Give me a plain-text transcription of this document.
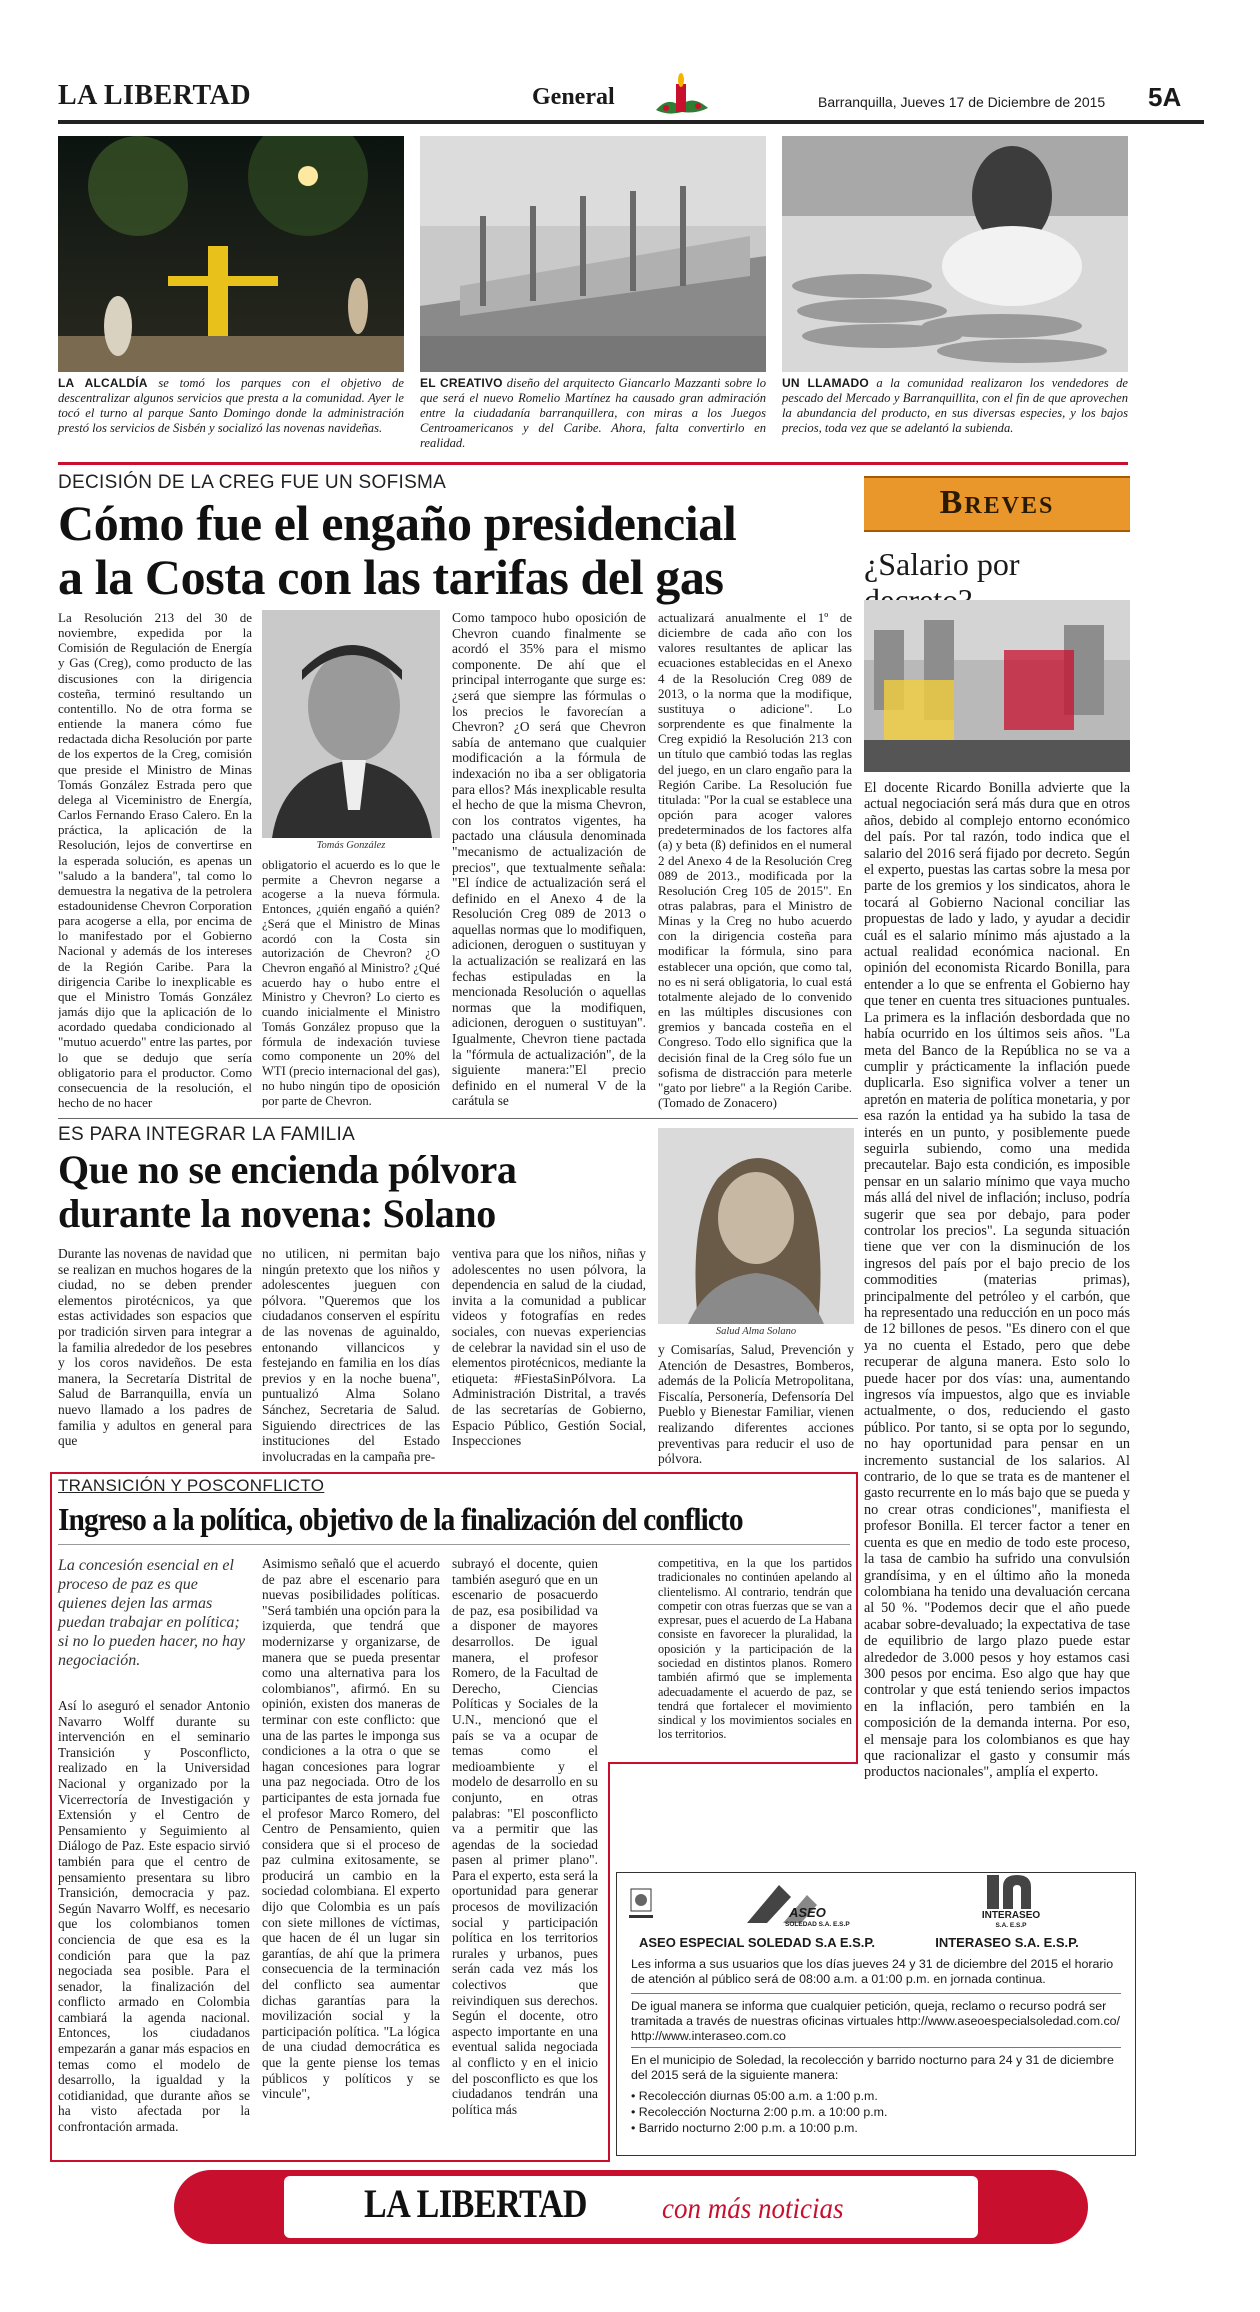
LA LIBERTAD	General	Barranquilla, Jueves 17 de Diciembre de 2015 5A
LA ALCALDÍA se tomó los parques con el objetivo de descentralizar algunos servicios que presta a la comunidad. Ayer le tocó el turno al parque Santo Domingo donde la administración prestó los servicios de Sisbén y socializó las novenas navideñas.
EL CREATIVO diseño del arquitecto Giancarlo Mazzanti sobre lo que será el nuevo Romelio Martínez ha causado gran admiración entre la ciudadanía barranquillera, con miras a los Juegos Centroamericanos y del Caribe. Ahora, falta convertirlo en realidad.
UN LLAMADO a la comunidad realizaron los vendedores de pescado del Mercado y Barranquillita, con el fin de que aprovechen la abundancia del producto, en sus diversas especies, y los bajos precios, toda vez que se adelantó la subienda.
DECISIÓN DE LA CREG FUE UN SOFISMA
Cómo fue el engaño presidencial
a la Costa con las tarifas del gas
Tomás González
La Resolución 213 del 30 de noviembre, expedida por la Comisión de Regulación de Energía y Gas (Creg), como producto de las discusiones con la dirigencia costeña, terminó resultando un contentillo. No de otra forma se entiende la manera cómo fue redactada dicha Resolución por parte de los expertos de la Creg, comisión que preside el Ministro de Minas Tomás González Estrada pero que delega al Viceministro de Energía, Carlos Fernando Eraso Calero. En la práctica, la aplicación de la Resolución, lejos de convertirse en la esperada solución, es apenas un "saludo a la bandera", tal como lo demuestra la negativa de la petrolera estadounidense Chevron Corporation para acogerse a ella, por encima de lo manifestado por el Gobierno Nacional y además de los intereses de la Región Caribe. Para la dirigencia Caribe lo inexplicable es que el Ministro Tomás González jamás dijo que la aplicación de lo acordado quedaba condicionado al "mutuo acuerdo" entre las partes, por lo que se dedujo que sería obligatorio para el productor. Como consecuencia de la resolución, el hecho de no hacer
obligatorio el acuerdo es lo que le permite a Chevron negarse a acogerse a la nueva fórmula. Entonces, ¿quién engañó a quién? ¿Será que el Ministro de Minas acordó con la Costa sin autorización de Chevron? ¿O Chevron engañó al Ministro? ¿Qué acuerdo hay o hubo entre el Ministro y Chevron? Lo cierto es cuando inicialmente el Ministro Tomás González propuso que la fórmula de indexación tuviese como componente un 20% del WTI (precio internacional del gas), no hubo ningún tipo de oposición por parte de Chevron.
Como tampoco hubo oposición de Chevron cuando finalmente se acordó el 35% para el mismo componente. De ahí que el principal interrogante que surge es: ¿será que siempre las fórmulas o los precios le favorecían a Chevron? ¿O será que Chevron sabía de antemano que cualquier modificación a la fórmula de indexación no iba a ser obligatoria para ellos? Más inexplicable resulta el hecho de que la misma Chevron, con los contratos vigentes, ha pactado una cláusula denominada "mecanismo de actualización de precios", que textualmente señala: "El índice de actualización será el definido en el Anexo 4 de la Resolución Creg 089 de 2013 o aquellas normas que lo modifiquen, adicionen, deroguen o sustituyan y la actualización se realizará en las fechas estipuladas en la mencionada Resolución o aquellas normas que la modifiquen, adicionen, deroguen o sustituyan". Igualmente, Chevron tiene pactada la "fórmula de actualización", de la siguiente manera:"El precio definido en el numeral V de la carátula se
actualizará anualmente el 1º de diciembre de cada año con los valores resultantes de aplicar las ecuaciones establecidas en el Anexo 4 de la Resolución Creg 089 de 2013, o la norma que la modifique, sustituya o adicione". Lo sorprendente es que finalmente la Creg expidió la Resolución 213 con un título que cambió todas las reglas del juego, en un claro engaño para la Región Caribe. La Resolución fue titulada: "Por la cual se establece una opción para acoger valores predeterminados de los factores alfa (a) y beta (ß) definidos en el numeral 2 del Anexo 4 de la Resolución Creg 089 de 2013., modificada por la Resolución Creg 105 de 2015". En otras palabras, para el Ministro de Minas y la Creg no hubo acuerdo con la dirigencia costeña para modificar la fórmula, sino para establecer una opción, que como tal, no es ni será obligatoria, lo cual está totalmente alejado de lo convenido en las múltiples discusiones con gremios y bancada costeña en el Congreso. Todo ello significa que la decisión final de la Creg sólo fue un sofisma de distracción para meterle "gato por liebre" a la Región Caribe. (Tomado de Zonacero)
ES PARA INTEGRAR LA FAMILIA
Que no se encienda pólvora
durante la novena: Solano
Salud Alma Solano
Durante las novenas de navidad que se realizan en muchos hogares de la ciudad, no se deben prender elementos pirotécnicos, ya que estas actividades son espacios que por tradición sirven para integrar a la familia alrededor de los pesebres y los coros navideños. De esta manera, la Secretaría Distrital de Salud de Barranquilla, envía un nuevo llamado a los padres de familia y adultos en general para que
no utilicen, ni permitan bajo ningún pretexto que los niños y adolescentes jueguen con pólvora. "Queremos que los ciudadanos conserven el espíritu de las novenas de aguinaldo, entonando villancicos y festejando en familia en los días previos y en la noche buena", puntualizó Alma Solano Sánchez, Secretaria de Salud. Siguiendo directrices de las instituciones del Estado involucradas en la campaña pre-
ventiva para que los niños, niñas y adolescentes no usen pólvora, la dependencia en salud de la ciudad, invita a la comunidad a publicar videos y fotografías en redes sociales, con nuevas experiencias de celebrar la navidad sin el uso de elementos pirotécnicos, mediante la etiqueta: #FiestaSinPólvora. La Administración Distrital, a través de las secretarías de Gobierno, Espacio Público, Gestión Social, Inspecciones
y Comisarías, Salud, Prevención y Atención de Desastres, Bomberos, además de la Policía Metropolitana, Fiscalía, Personería, Defensoría Del Pueblo y Bienestar Familiar, vienen realizando diferentes acciones preventivas para reducir el uso de pólvora.
TRANSICIÓN Y POSCONFLICTO
Ingreso a la política, objetivo de la finalización del conflicto
La concesión esencial en el proceso de paz es que quienes dejen las armas puedan trabajar en política; si no lo pueden hacer, no hay negociación.
Así lo aseguró el senador Antonio Navarro Wolff durante su intervención en el seminario Transición y Posconflicto, realizado en la Universidad Nacional y organizado por la Vicerrectoría de Investigación y Extensión y el Centro de Pensamiento y Seguimiento al Diálogo de Paz. Este espacio sirvió también para que el centro de pensamiento presentara su libro Transición, democracia y paz. Según Navarro Wolff, es necesario que los colombianos tomen conciencia de que esa es la condición para que la paz negociada sea posible. Para el senador, la finalización del conflicto armado en Colombia cambiará la agenda nacional. Entonces, los ciudadanos empezarán a ganar más espacios en temas como el modelo de desarrollo, la igualdad y la cotidianidad, que durante años se ha visto afectada por la confrontación armada.
Asimismo señaló que el acuerdo de paz abre el escenario para nuevas posibilidades políticas. "Será también una opción para la izquierda, que tendrá que modernizarse y organizarse, de manera que se pueda presentar como una alternativa para los colombianos", afirmó. En su opinión, existen dos maneras de terminar con este conflicto: que una de las partes le imponga sus condiciones a la otra o que se hagan concesiones para lograr una paz negociada. Otro de los participantes de esta jornada fue el profesor Marco Romero, del Centro de Pensamiento, quien considera que si el proceso de paz culmina exitosamente, se producirá un cambio en la sociedad colombiana. El experto dijo que Colombia es un país con siete millones de víctimas, que hacen de él un lugar sin garantías, de ahí que la primera consecuencia de la terminación del conflicto sea aumentar dichas garantías para la movilización social y la participación política. "La lógica de una ciudad democrática es que la gente piense los temas públicos y políticos y se vincule",
subrayó el docente, quien también aseguró que en un escenario de posacuerdo de paz, esa posibilidad va a disponer de mayores desarrollos. De igual manera, el profesor Romero, de la Facultad de Derecho, Ciencias Políticas y Sociales de la U.N., mencionó que el país se va a ocupar de temas como el medioambiente y el modelo de desarrollo en su conjunto, en otras palabras: "El posconflicto va a permitir que las agendas de la sociedad pasen al primer plano". Para el experto, esta será la oportunidad para generar procesos de movilización social y participación política en los territorios rurales y urbanos, pues serán cada vez más los colectivos que reivindiquen sus derechos. Según el docente, otro aspecto importante en una eventual salida negociada al conflicto y en el inicio del posconflicto es que los ciudadanos tendrán una política más
competitiva, en la que los partidos tradicionales no continúen apelando al clientelismo. Al contrario, tendrán que competir con otras fuerzas que se van a expresar, pues el acuerdo de La Habana consiste en favorecer la pluralidad, la oposición y la participación de la sociedad en distintos planos. Romero también afirmó que se implementa adecuadamente el acuerdo de paz, se tendrá que fortalecer el movimiento sindical y los movimientos sociales en los territorios.
Breves
¿Salario por
El docente Ricardo Bonilla advierte que la actual negociación será más dura que en otros años, debido al complejo entorno económico del país. Por tal razón, todo indica que el salario del 2016 será fijado por decreto. Según el experto, puestas las cartas sobre la mesa por parte de los gremios y los sindicatos, ahora le tocará al Gobierno Nacional conciliar las propuestas de lado y lado, y ayudar a decidir cuál es el salario mínimo más ajustado a la actual realidad económica nacional. En opinión del economista Ricardo Bonilla, para entender a lo que se enfrenta el Gobierno hay que tener en cuenta tres situaciones puntuales. La primera es la inflación desbordada que no había ocurrido en los últimos seis años. "La meta del Banco de la República no se va a cumplir y prácticamente la inflación puede duplicarla. Eso significa volver a tener un apretón en materia de política monetaria, y por esa razón la entidad ya ha subido la tasa de interés en un punto, y posiblemente puede seguirla subiendo, como una medida precautelar. Bajo esta condición, es imposible pensar en un salario mínimo que vaya mucho más allá del nivel de inflación; incluso, podría sugerir que sea por debajo, para poder controlar los precios". La segunda situación tiene que ver con la disminución de los ingresos del país por el bajo precio de los commodities (materias primas), principalmente del petróleo y el carbón, que ha representado una reducción en un poco más de 12 billones de pesos. "Es dinero con el que ya no cuenta el Estado, pero que debe recuperar de alguna manera. Esto solo lo puede hacer por dos vías: una, aumentando ingresos vía impuestos, algo que es inviable actualmente, o dos, reduciendo el gasto público. Por tanto, si se opta por lo segundo, no hay oportunidad para pensar en un incremento sustancial de los salarios. Al contrario, de lo que se trata es de mantener el gasto recurrente en lo más bajo que se pueda y no crear otras condiciones", manifiesta el profesor Bonilla. El tercer factor a tener en cuenta es que en medio de todo este proceso, la tasa de cambio ha sufrido una convulsión grandísima, y en el último año la moneda colombiana ha tenido una devaluación cercana al 50 %. "Podemos decir que el año puede acabar sobre-devaluado; la expectativa de tase de equilibrio de largo plazo puede estar alrededor de 3.000 pesos y hoy estamos casi 300 pesos por encima. Eso algo que hay que controlar y que está teniendo serios impactos en la inflación, pero también en la composición de la demanda interna. Por eso, el mensaje para los colombianos es que hay que racionalizar el gasto y consumir más productos nacionales", amplía el experto.
ASEO
SOLEDAD S.A. E.S.P
INTERASEO
S.A. E.S.P
ASEO ESPECIAL SOLEDAD S.A E.S.P.	INTERASEO S.A. E.S.P.
Les informa a sus usuarios que los días jueves 24 y 31 de diciembre del 2015 el horario de atención al público será de 08:00 a.m. a 01:00 p.m. en jornada continua.
De igual manera se informa que cualquier petición, queja, reclamo o recurso podrá ser tramitada a través de nuestras oficinas virtuales http://www.aseoespecialsoledad.com.co/ http://www.interaseo.com.co
En el municipio de Soledad, la recolección y barrido nocturno para 24 y 31 de diciembre del 2015 será de la siguiente manera:
• Recolección diurnas 05:00 a.m. a 1:00 p.m.
• Recolección Nocturna 2:00 p.m. a 10:00 p.m.
• Barrido nocturno 2:00 p.m. a 10:00 p.m.
LA LIBERTAD con más noticias
